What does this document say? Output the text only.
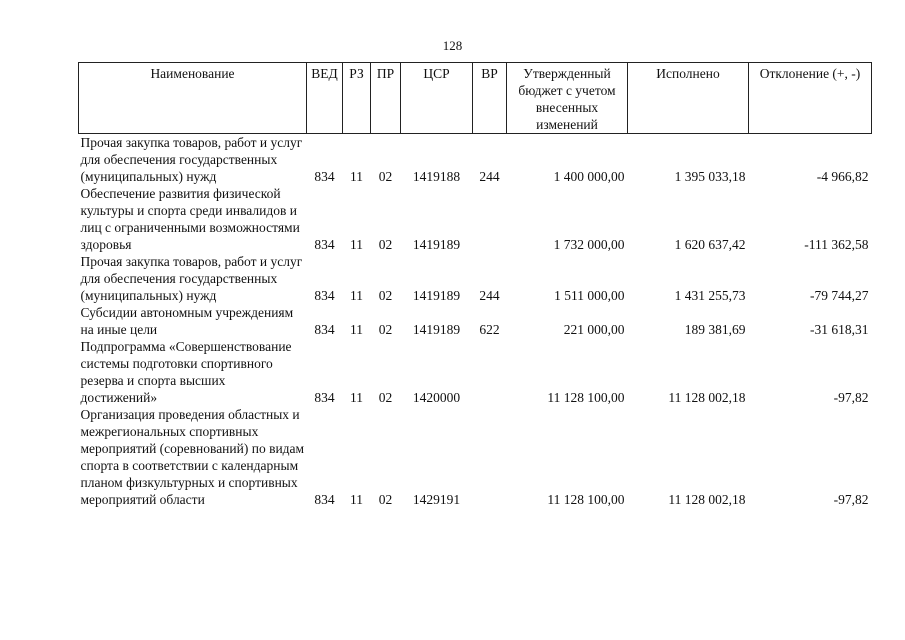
128
Наименование	ВЕД	РЗ	ПР	ЦСР	ВР	Утвержденный бюджет с учетом внесенных изменений	Исполнено	Отклонение (+, -)
Прочая закупка товаров, работ и услуг для обеспечения государственных (муниципальных) нужд	834	11	02	1419188	244	1 400 000,00	1 395 033,18	-4 966,82
Обеспечение развития физической культуры и спорта среди инвалидов и лиц с ограниченными возможностями здоровья	834	11	02	1419189		1 732 000,00	1 620 637,42	-111 362,58
Прочая закупка товаров, работ и услуг для обеспечения государственных (муниципальных) нужд	834	11	02	1419189	244	1 511 000,00	1 431 255,73	-79 744,27
Субсидии автономным учреждениям на иные цели	834	11	02	1419189	622	221 000,00	189 381,69	-31 618,31
Подпрограмма «Совершенствование системы подготовки спортивного резерва и спорта высших достижений»	834	11	02	1420000		11 128 100,00	11 128 002,18	-97,82
Организация проведения областных и межрегиональных спортивных мероприятий (соревнований) по видам спорта в соответствии с календарным планом физкультурных и спортивных мероприятий области	834	11	02	1429191		11 128 100,00	11 128 002,18	-97,82
